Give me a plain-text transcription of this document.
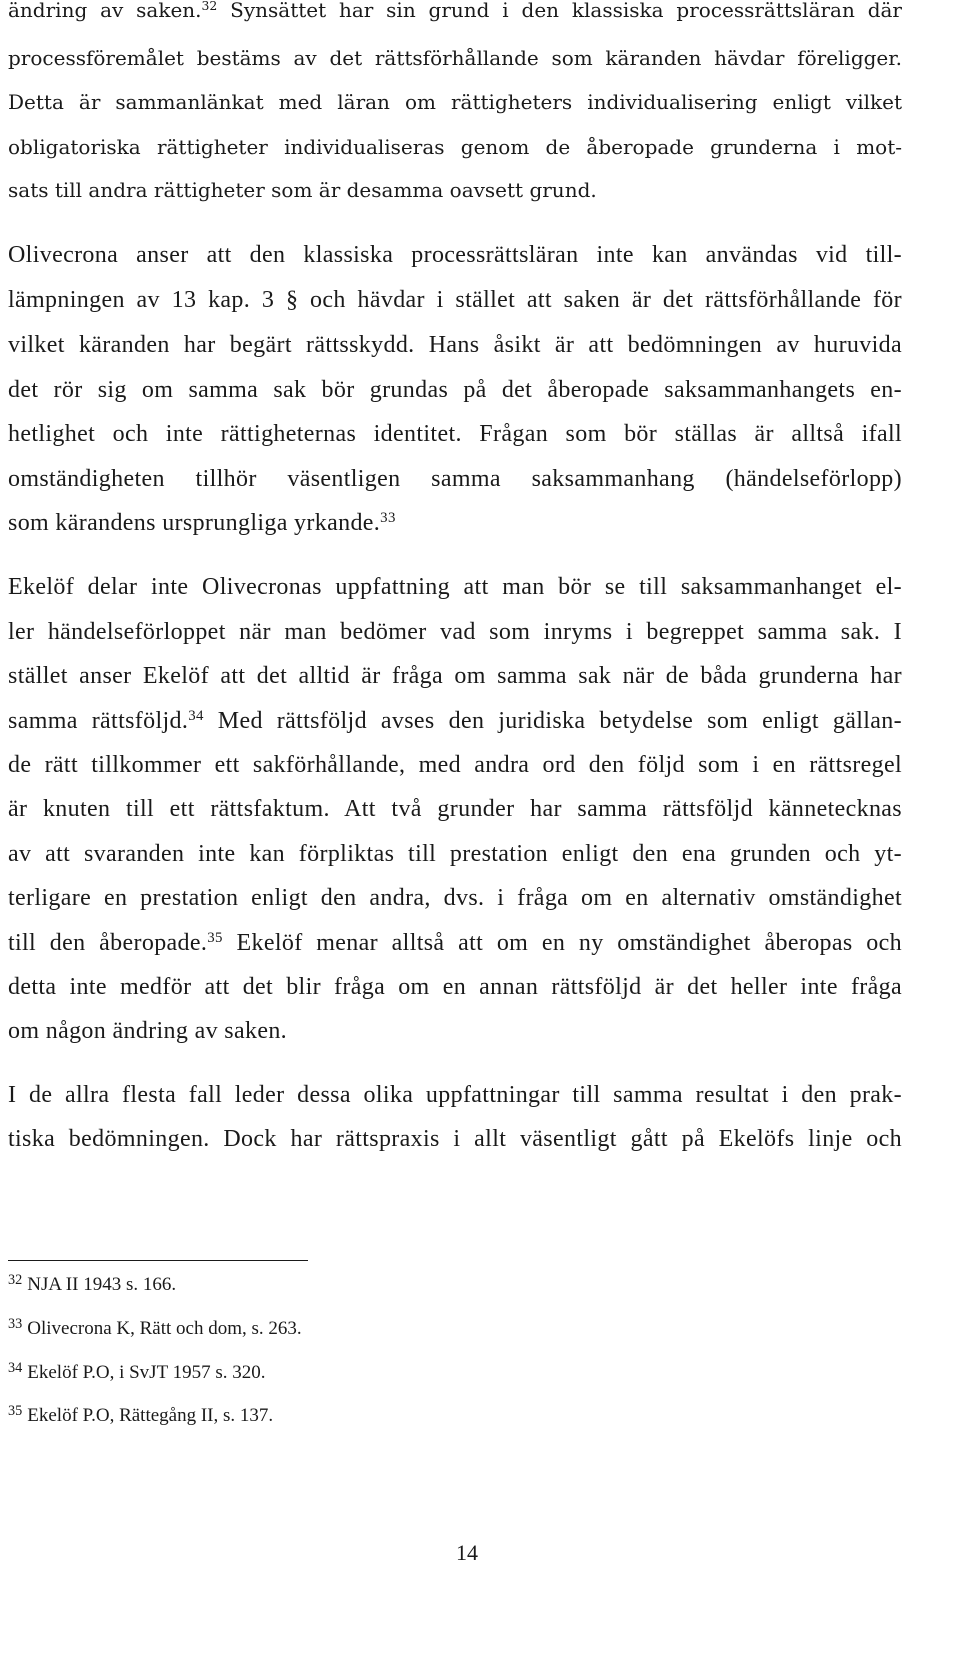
ändring av saken.$^{32}$ Synsättet har sin grund i den klassiska processrättsläran där
processföremålet bestäms av det rättsförhållande som käranden hävdar föreligger.
Detta är sammanlänkat med läran om rättigheters individualisering enligt vilket
obligatoriska rättigheter individualiseras genom de åberopade grunderna i mot-
sats till andra rättigheter som är desamma oavsett grund.
Olivecrona anser att den klassiska processrättsläran inte kan användas vid till-
lämpningen av 13 kap. 3 § och hävdar i stället att saken är det rättsförhållande för
vilket käranden har begärt rättsskydd. Hans åsikt är att bedömningen av huruvida
det rör sig om samma sak bör grundas på det åberopade saksammanhangets en-
hetlighet och inte rättigheternas identitet. Frågan som bör ställas är alltså ifall
omständigheten tillhör väsentligen samma saksammanhang (händelseförlopp)
som kärandens ursprungliga yrkande.$^{33}$
Ekelöf delar inte Olivecronas uppfattning att man bör se till saksammanhanget el-
ler händelseförloppet när man bedömer vad som inryms i begreppet samma sak. I
stället anser Ekelöf att det alltid är fråga om samma sak när de båda grunderna har
samma rättsföljd.$^{34}$ Med rättsföljd avses den juridiska betydelse som enligt gällan-
de rätt tillkommer ett sakförhållande, med andra ord den följd som i en rättsregel
är knuten till ett rättsfaktum. Att två grunder har samma rättsföljd kännetecknas
av att svaranden inte kan förpliktas till prestation enligt den ena grunden och yt-
terligare en prestation enligt den andra, dvs. i fråga om en alternativ omständighet
till den åberopade.$^{35}$ Ekelöf menar alltså att om en ny omständighet åberopas och
detta inte medför att det blir fråga om en annan rättsföljd är det heller inte fråga
om någon ändring av saken.
I de allra flesta fall leder dessa olika uppfattningar till samma resultat i den prak-
tiska bedömningen. Dock har rättspraxis i allt väsentligt gått på Ekelöfs linje och
$^{32}$ NJA II 1943 s. 166.
$^{33}$ Olivecrona K, Rätt och dom, s. 263.
$^{34}$ Ekelöf P.O, i SvJT 1957 s. 320.
$^{35}$ Ekelöf P.O, Rättegång II, s. 137.
14
